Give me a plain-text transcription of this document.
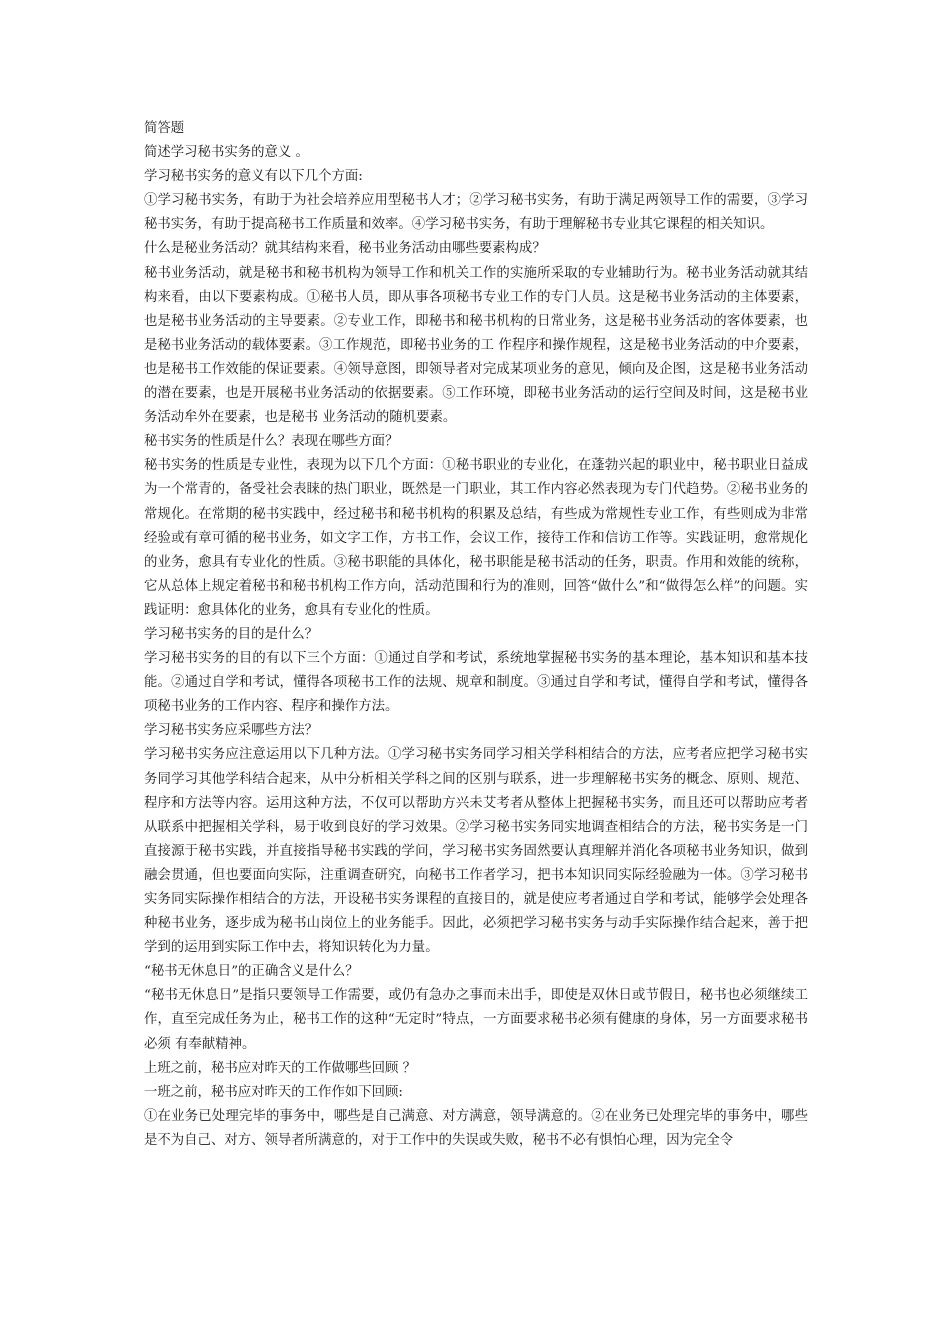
简答题

简述学习秘书实务的意义 。

学习秘书实务的意义有以下几个方面:

①学习秘书实务，有助于为社会培养应用型秘书人才；②学习秘书实务，有助于满足两领导工作的需要，③学习秘书实务，有助于提高秘书工作质量和效率。④学习秘书实务，有助于理解秘书专业其它课程的相关知识。

什么是秘业务活动？就其结构来看，秘书业务活动由哪些要素构成？

秘书业务活动，就是秘书和秘书机构为领导工作和机关工作的实施所采取的专业辅助行为。秘书业务活动就其结构来看，由以下要素构成。①秘书人员，即从事各项秘书专业工作的专门人员。这是秘书业务活动的主体要素，也是秘书业务活动的主导要素。②专业工作，即秘书和秘书机构的日常业务，这是秘书业务活动的客体要素，也是秘书业务活动的载体要素。③工作规范，即秘书业务的工 作程序和操作规程，这是秘书业务活动的中介要素，也是秘书工作效能的保证要素。④领导意图，即领导者对完成某项业务的意见，倾向及企图，这是秘书业务活动的潜在要素，也是开展秘书业务活动的依据要素。⑤工作环境，即秘书业务活动的运行空间及时间，这是秘书业务活动牟外在要素，也是秘书 业务活动的随机要素。

秘书实务的性质是什么？表现在哪些方面？

秘书实务的性质是专业性，表现为以下几个方面：①秘书职业的专业化，在蓬勃兴起的职业中，秘书职业日益成为一个常青的，备受社会表睐的热门职业，既然是一门职业，其工作内容必然表现为专门代趋势。②秘书业务的常规化。在常期的秘书实践中，经过秘书和秘书机构的积累及总结，有些成为常规性专业工作，有些则成为非常经验或有章可循的秘书业务，如文字工作，方书工作，会议工作，接待工作和信访工作等。实践证明，愈常规化的业务，愈具有专业化的性质。③秘书职能的具体化，秘书职能是秘书活动的任务，职责。作用和效能的统称，它从总体上规定着秘书和秘书机构工作方向，活动范围和行为的准则，回答“做什么”和“做得怎么样”的问题。实践证明：愈具体化的业务，愈具有专业化的性质。

学习秘书实务的目的是什么？

学习秘书实务的目的有以下三个方面：①通过自学和考试，系统地掌握秘书实务的基本理论，基本知识和基本技能。②通过自学和考试，懂得各项秘书工作的法规、规章和制度。③通过自学和考试，懂得自学和考试，懂得各项秘书业务的工作内容、程序和操作方法。

学习秘书实务应采哪些方法？

学习秘书实务应注意运用以下几种方法。①学习秘书实务同学习相关学科相结合的方法，应考者应把学习秘书实务同学习其他学科结合起来，从中分析相关学科之间的区别与联系，进一步理解秘书实务的概念、原则、规范、程序和方法等内容。运用这种方法，不仅可以帮助方兴未艾考者从整体上把握秘书实务，而且还可以帮助应考者从联系中把握相关学科，易于收到良好的学习效果。②学习秘书实务同实地调查相结合的方法，秘书实务是一门直接源于秘书实践，并直接指导秘书实践的学问，学习秘书实务固然要认真理解并消化各项秘书业务知识，做到融会贯通，但也要面向实际，注重调查研究，向秘书工作者学习，把书本知识同实际经验融为一体。③学习秘书实务同实际操作相结合的方法，开设秘书实务课程的直接目的，就是使应考者通过自学和考试，能够学会处理各种秘书业务，逐步成为秘书山岗位上的业务能手。因此，必须把学习秘书实务与动手实际操作结合起来，善于把学到的运用到实际工作中去，将知识转化为力量。

“秘书无休息日”的正确含义是什么？

“秘书无休息日”是指只要领导工作需要，或仍有急办之事而未出手，即使是双休日或节假日，秘书也必须继续工作，直至完成任务为止，秘书工作的这种“无定时”特点，一方面要求秘书必须有健康的身体，另一方面要求秘书必须 有奉献精神。

上班之前，秘书应对昨天的工作做哪些回顾 ？

一班之前，秘书应对昨天的工作作如下回顾:

①在业务已处理完毕的事务中，哪些是自己满意、对方满意，领导满意的。②在业务已处理完毕的事务中，哪些是不为自己、对方、领导者所满意的，对于工作中的失误或失败，秘书不必有惧怕心理，因为完全令
